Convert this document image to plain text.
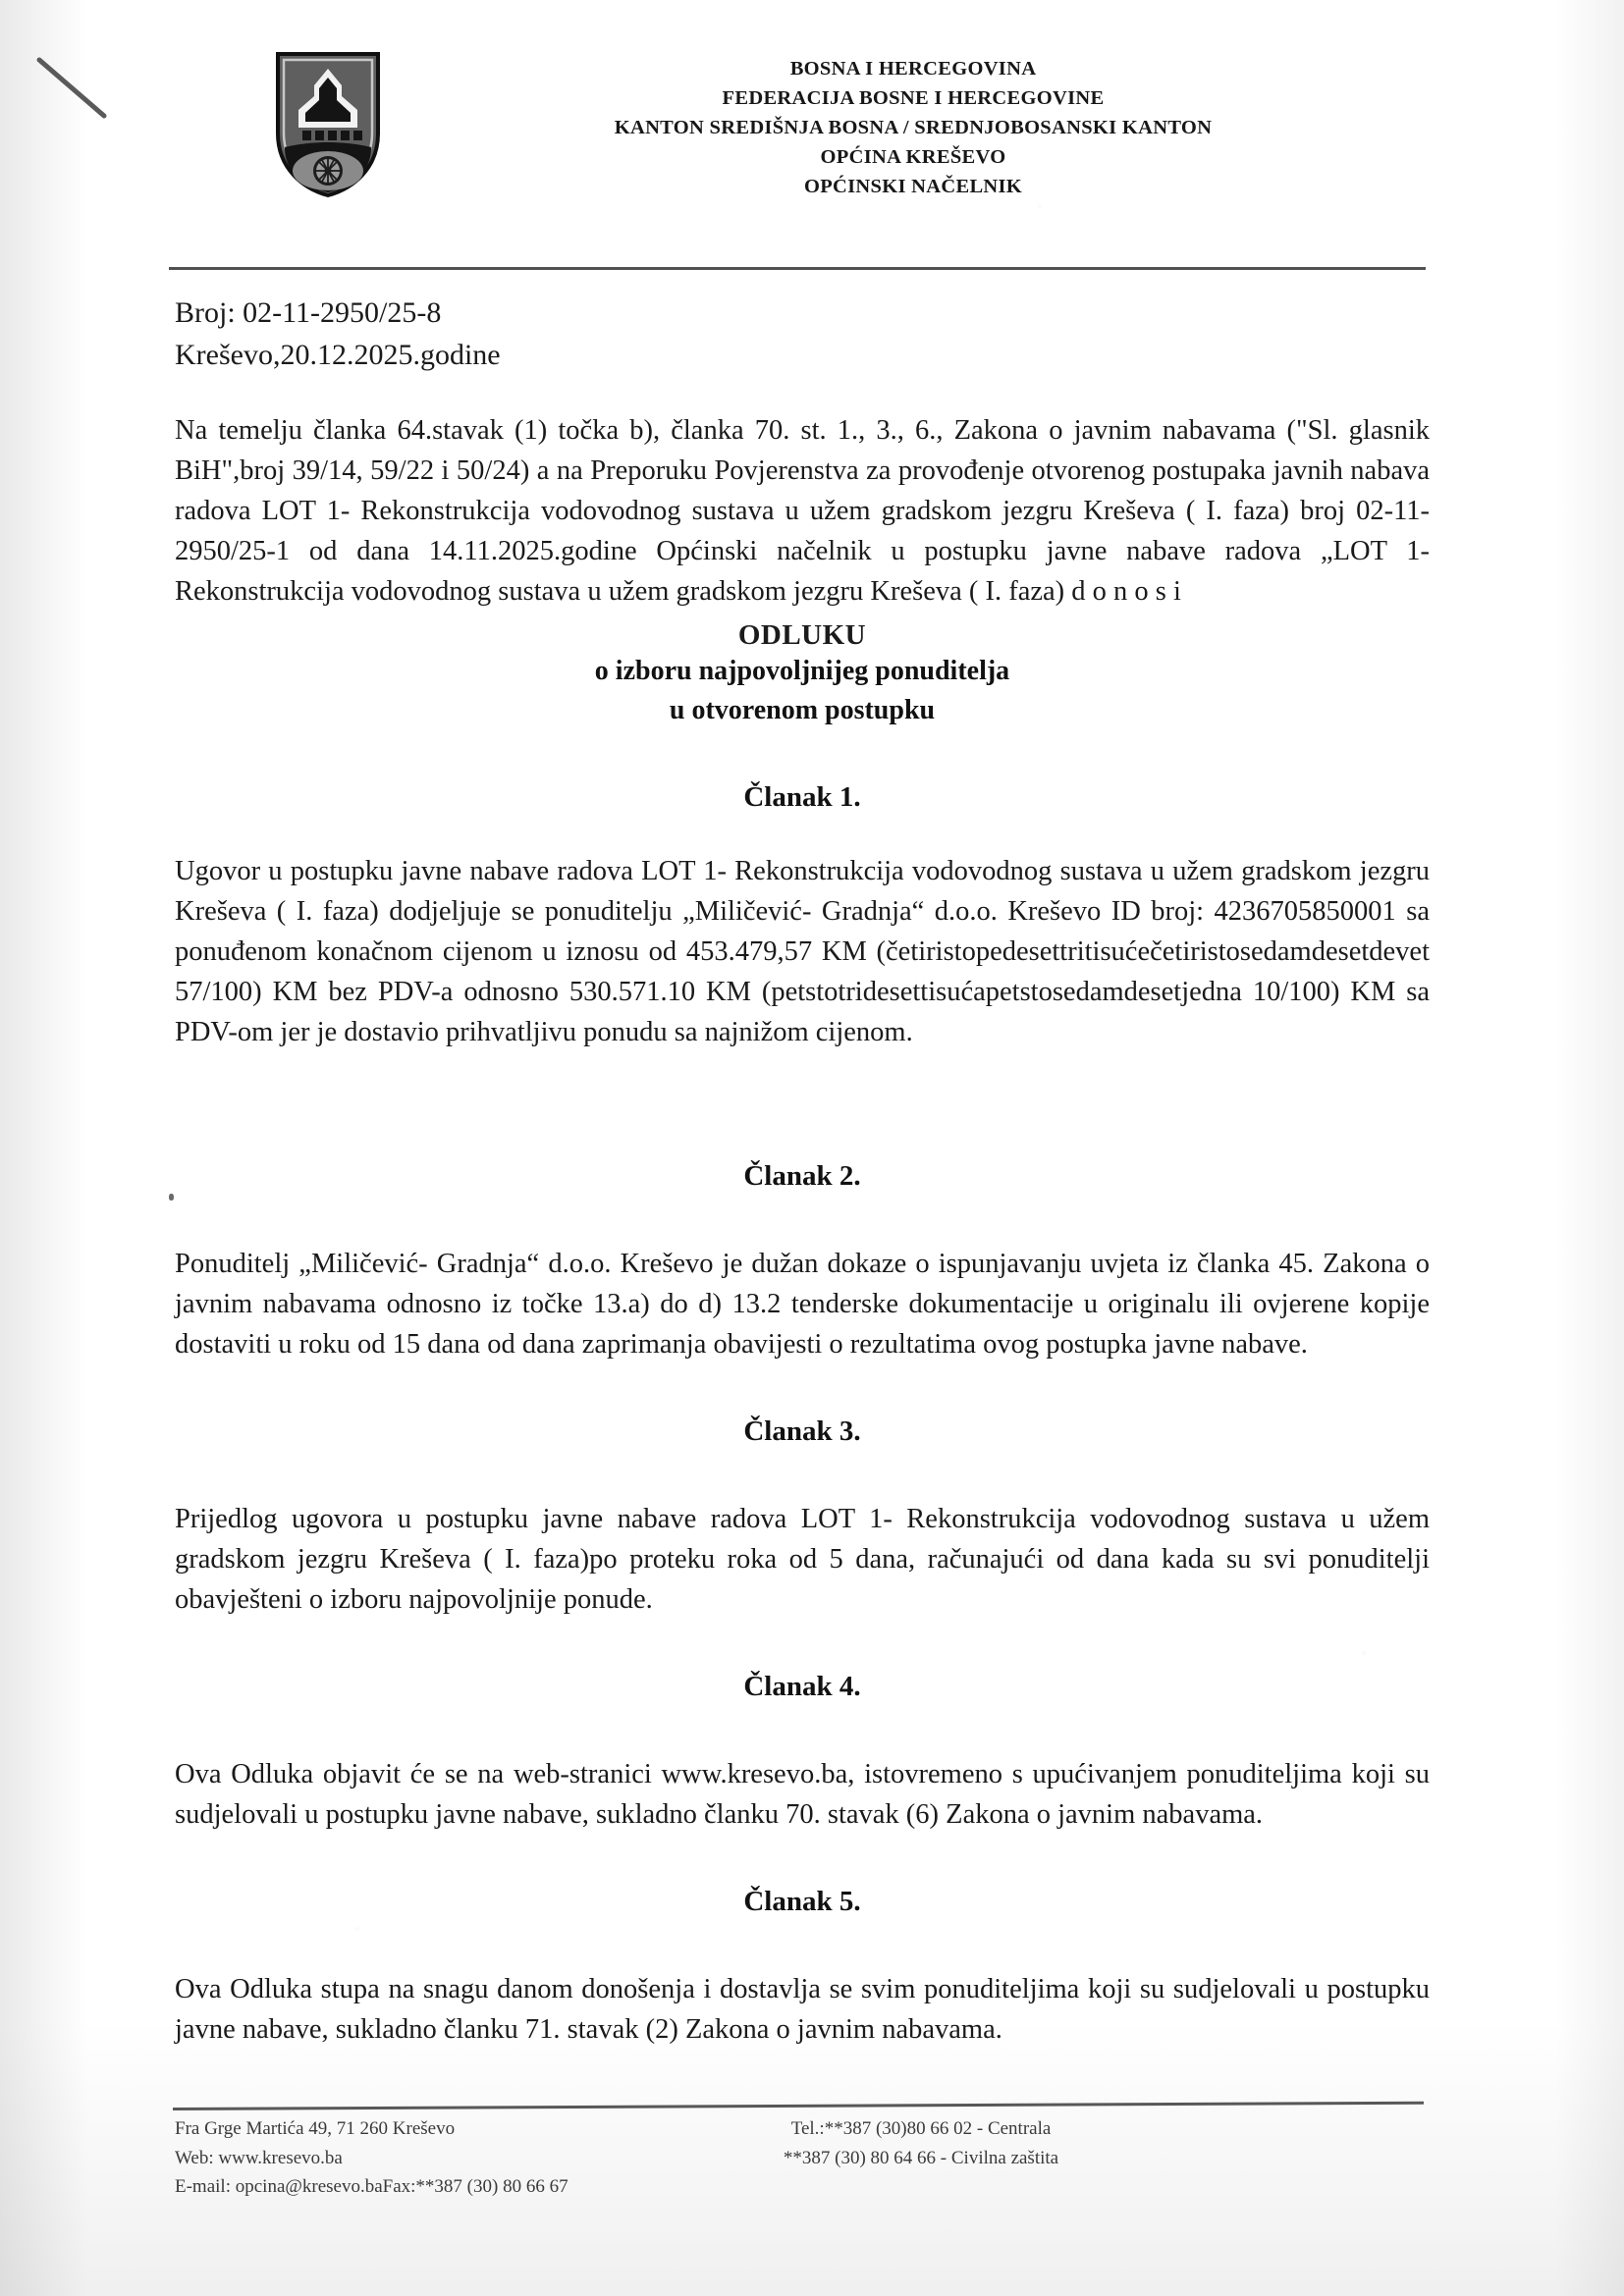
BOSNA I HERCEGOVINA
FEDERACIJA BOSNE I HERCEGOVINE
KANTON SREDIŠNJA BOSNA / SREDNJOBOSANSKI KANTON
OPĆINA KREŠEVO
OPĆINSKI NAČELNIK
Broj: 02-11-2950/25-8
Kreševo,20.12.2025.godine

Na temelju članka 64.stavak (1) točka b), članka 70. st. 1., 3., 6., Zakona o javnim nabavama ("Sl. glasnik BiH",broj 39/14, 59/22 i 50/24) a na Preporuku Povjerenstva za provođenje otvorenog postupaka javnih nabava radova LOT 1- Rekonstrukcija vodovodnog sustava u užem gradskom jezgru Kreševa ( I. faza) broj 02-11- 2950/25-1 od dana 14.11.2025.godine Općinski načelnik u postupku javne nabave radova „LOT 1- Rekonstrukcija vodovodnog sustava u užem gradskom jezgru Kreševa ( I. faza) d o n o s i

ODLUKU
o izboru najpovoljnijeg ponuditelja
u otvorenom postupku
Članak 1.

Ugovor u postupku javne nabave radova LOT 1- Rekonstrukcija vodovodnog sustava u užem gradskom jezgru Kreševa ( I. faza) dodjeljuje se ponuditelju „Miličević- Gradnja“ d.o.o. Kreševo ID broj: 4236705850001 sa ponuđenom konačnom cijenom u iznosu od 453.479,57 KM (četiristopedesettritisućečetiristosedamdesetdevet 57/100) KM bez PDV-a odnosno 530.571.10 KM (petstotridesettisućapetstosedamdesetjedna 10/100) KM sa PDV-om jer je dostavio prihvatljivu ponudu sa najnižom cijenom.

Članak 2.

Ponuditelj „Miličević- Gradnja“ d.o.o. Kreševo je dužan dokaze o ispunjavanju uvjeta iz članka 45. Zakona o javnim nabavama odnosno iz točke 13.a) do d) 13.2 tenderske dokumentacije u originalu ili ovjerene kopije dostaviti u roku od 15 dana od dana zaprimanja obavijesti o rezultatima ovog postupka javne nabave.

Članak 3.

Prijedlog ugovora u postupku javne nabave radova LOT 1- Rekonstrukcija vodovodnog sustava u užem gradskom jezgru Kreševa ( I. faza)po proteku roka od 5 dana, računajući od dana kada su svi ponuditelji obavješteni o izboru najpovoljnije ponude.

Članak 4.

Ova Odluka objavit će se na web-stranici www.kresevo.ba, istovremeno s upućivanjem ponuditeljima koji su sudjelovali u postupku javne nabave, sukladno članku 70. stavak (6) Zakona o javnim nabavama.

Članak 5.

Ova Odluka stupa na snagu danom donošenja i dostavlja se svim ponuditeljima koji su sudjelovali u postupku javne nabave, sukladno članku 71. stavak (2) Zakona o javnim nabavama.

Fra Grge Martića 49, 71 260 Kreševo
Web: www.kresevo.ba
E-mail: opcina@kresevo.baFax:**387 (30) 80 66 67
Tel.:**387 (30)80 66 02 - Centrala
**387 (30) 80 64 66 - Civilna zaštita
